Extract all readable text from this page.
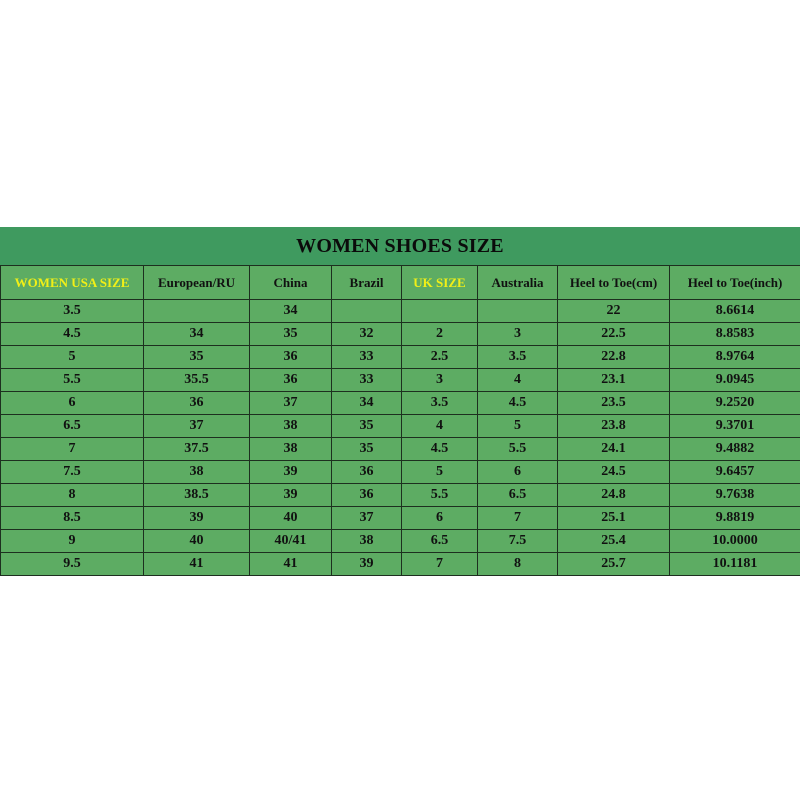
WOMEN SHOES SIZE
WOMEN USA SIZE	European/RU	China	Brazil	UK SIZE	Australia	Heel to Toe(cm)	Heel to Toe(inch)
3.5		34				22	8.6614
4.5	34	35	32	2	3	22.5	8.8583
5	35	36	33	2.5	3.5	22.8	8.9764
5.5	35.5	36	33	3	4	23.1	9.0945
6	36	37	34	3.5	4.5	23.5	9.2520
6.5	37	38	35	4	5	23.8	9.3701
7	37.5	38	35	4.5	5.5	24.1	9.4882
7.5	38	39	36	5	6	24.5	9.6457
8	38.5	39	36	5.5	6.5	24.8	9.7638
8.5	39	40	37	6	7	25.1	9.8819
9	40	40/41	38	6.5	7.5	25.4	10.0000
9.5	41	41	39	7	8	25.7	10.1181
